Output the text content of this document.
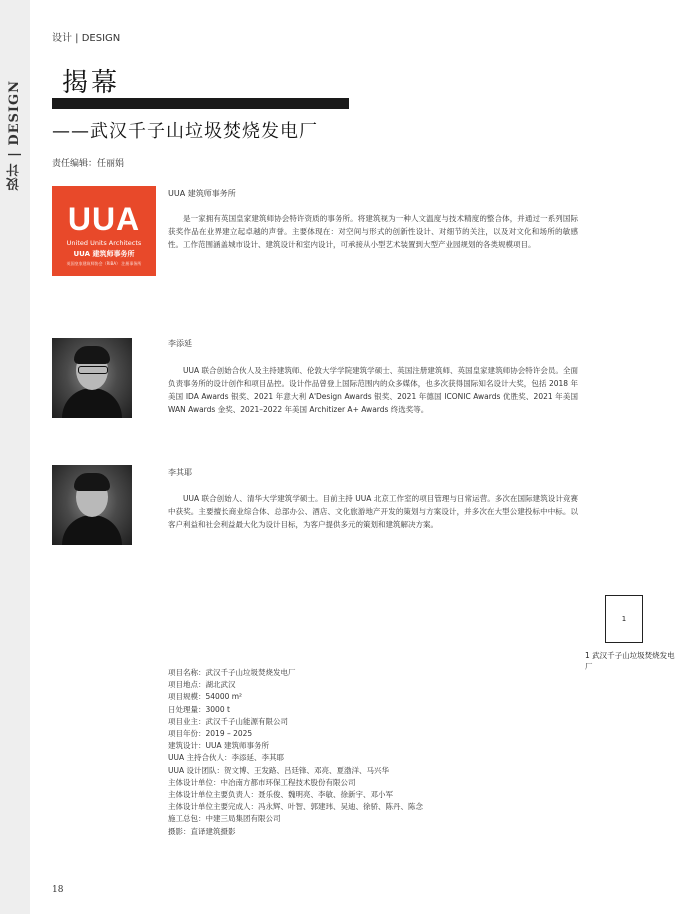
设计 | DESIGN
设计 | DESIGN
揭幕
——武汉千子山垃圾焚烧发电厂
责任编辑：任丽娟
UUA
United Units Architects
UUA 建筑师事务所
英国皇家建筑师协会（RIBA） 注册事务所
UUA 建筑师事务所

是一家拥有英国皇家建筑师协会特许资质的事务所。将建筑视为一种人文温度与技术精度的整合体，并通过一系列国际获奖作品在业界建立起卓越的声誉。主要体现在：对空间与形式的创新性设计、对细节的关注，以及对文化和场所的敏感性。工作范围涵盖城市设计、建筑设计和室内设计，可承接从小型艺术装置到大型产业园规划的各类规模项目。

李添延

UUA 联合创始合伙人及主持建筑师、伦敦大学学院建筑学硕士、英国注册建筑师、英国皇家建筑师协会特许会员。全面负责事务所的设计创作和项目品控。设计作品曾登上国际范围内的众多媒体，也多次获得国际知名设计大奖，包括 2018 年美国 IDA Awards 银奖、2021 年意大利 A'Design Awards 银奖、2021 年德国 ICONIC Awards 优胜奖、2021 年美国 WAN Awards 金奖、2021–2022 年美国 Architizer A+ Awards 终选奖等。

李其耶

UUA 联合创始人、清华大学建筑学硕士。目前主持 UUA 北京工作室的项目管理与日常运营。多次在国际建筑设计竞赛中获奖。主要擅长商业综合体、总部办公、酒店、文化旅游地产开发的策划与方案设计，并多次在大型公建投标中中标。以客户利益和社会利益最大化为设计目标，为客户提供多元的策划和建筑解决方案。

1
1 武汉千子山垃圾焚烧发电厂
项目名称：武汉千子山垃圾焚烧发电厂
项目地点：湖北武汉
项目规模：54000 m²
日处理量：3000 t
项目业主：武汉千子山能源有限公司
项目年份：2019 – 2025
建筑设计：UUA 建筑师事务所
UUA 主持合伙人：李添延、李其耶
UUA 设计团队：贺文博、王发路、吕廷锋、邓亮、夏渤洋、马兴华
主体设计单位：中冶南方都市环保工程技术股份有限公司
主体设计单位主要负责人：聂乐俊、魏明亮、李敏、徐新宇、邓小军
主体设计单位主要完成人：冯永辉、叶智、郭建玮、吴迪、徐骄、陈丹、陈念
施工总包：中建三局集团有限公司
摄影：直译建筑摄影
18
